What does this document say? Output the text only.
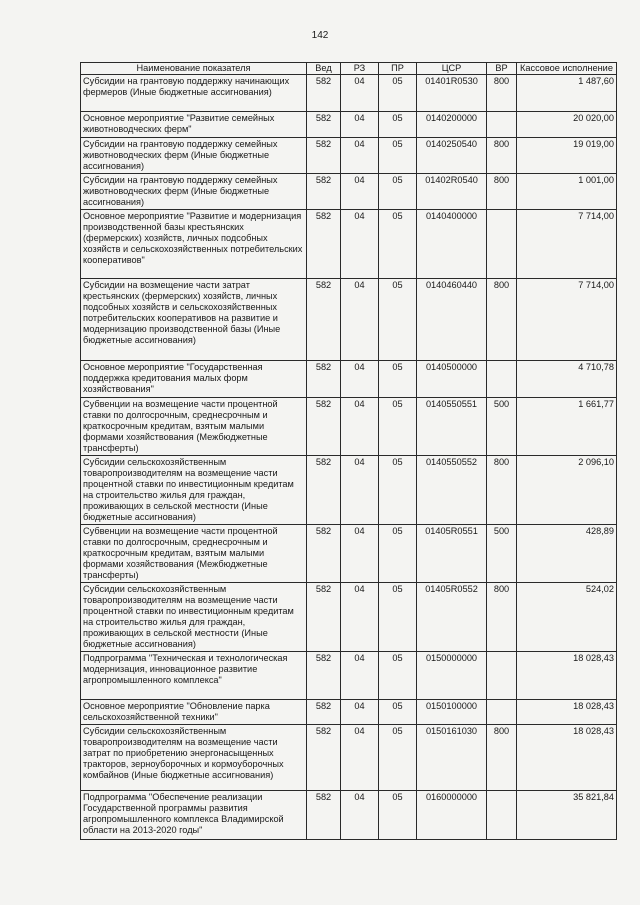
142
Наименование показателя	Вед	РЗ	ПР	ЦСР	ВР	Кассовое исполнение
Субсидии на грантовую поддержку начинающих фермеров (Иные бюджетные ассигнования)	582	04	05	01401R0530	800	1 487,60
Основное мероприятие "Развитие семейных животноводческих ферм"	582	04	05	0140200000		20 020,00
Субсидии на грантовую поддержку семейных животноводческих ферм (Иные бюджетные ассигнования)	582	04	05	0140250540	800	19 019,00
Субсидии на грантовую поддержку семейных животноводческих ферм (Иные бюджетные ассигнования)	582	04	05	01402R0540	800	1 001,00
Основное мероприятие "Развитие и модернизация производственной базы крестьянских (фермерских) хозяйств, личных подсобных хозяйств и сельскохозяйственных потребительских кооперативов"	582	04	05	0140400000		7 714,00
Субсидии на возмещение части затрат крестьянских (фермерских) хозяйств, личных подсобных хозяйств и сельскохозяйственных потребительских кооперативов на развитие и модернизацию производственной базы (Иные бюджетные ассигнования)	582	04	05	0140460440	800	7 714,00
Основное мероприятие "Государственная поддержка кредитования малых форм хозяйствования"	582	04	05	0140500000		4 710,78
Субвенции на возмещение части процентной ставки по долгосрочным, среднесрочным и краткосрочным кредитам, взятым малыми формами хозяйствования (Межбюджетные трансферты)	582	04	05	0140550551	500	1 661,77
Субсидии сельскохозяйственным товаропроизводителям на возмещение части процентной ставки по инвестиционным кредитам на строительство жилья для граждан, проживающих в сельской местности (Иные бюджетные ассигнования)	582	04	05	0140550552	800	2 096,10
Субвенции на возмещение части процентной ставки по долгосрочным, среднесрочным и краткосрочным кредитам, взятым малыми формами хозяйствования (Межбюджетные трансферты)	582	04	05	01405R0551	500	428,89
Субсидии сельскохозяйственным товаропроизводителям на возмещение части процентной ставки по инвестиционным кредитам на строительство жилья для граждан, проживающих в сельской местности (Иные бюджетные ассигнования)	582	04	05	01405R0552	800	524,02
Подпрограмма "Техническая и технологическая модернизация, инновационное развитие агропромышленного комплекса"	582	04	05	0150000000		18 028,43
Основное мероприятие "Обновление парка сельскохозяйственной техники"	582	04	05	0150100000		18 028,43
Субсидии сельскохозяйственным товаропроизводителям на возмещение части затрат по приобретению энергонасыщенных тракторов, зерноуборочных и кормоуборочных комбайнов (Иные бюджетные ассигнования)	582	04	05	0150161030	800	18 028,43
Подпрограмма "Обеспечение реализации Государственной программы развития агропромышленного комплекса Владимирской области на 2013-2020 годы"	582	04	05	0160000000		35 821,84
